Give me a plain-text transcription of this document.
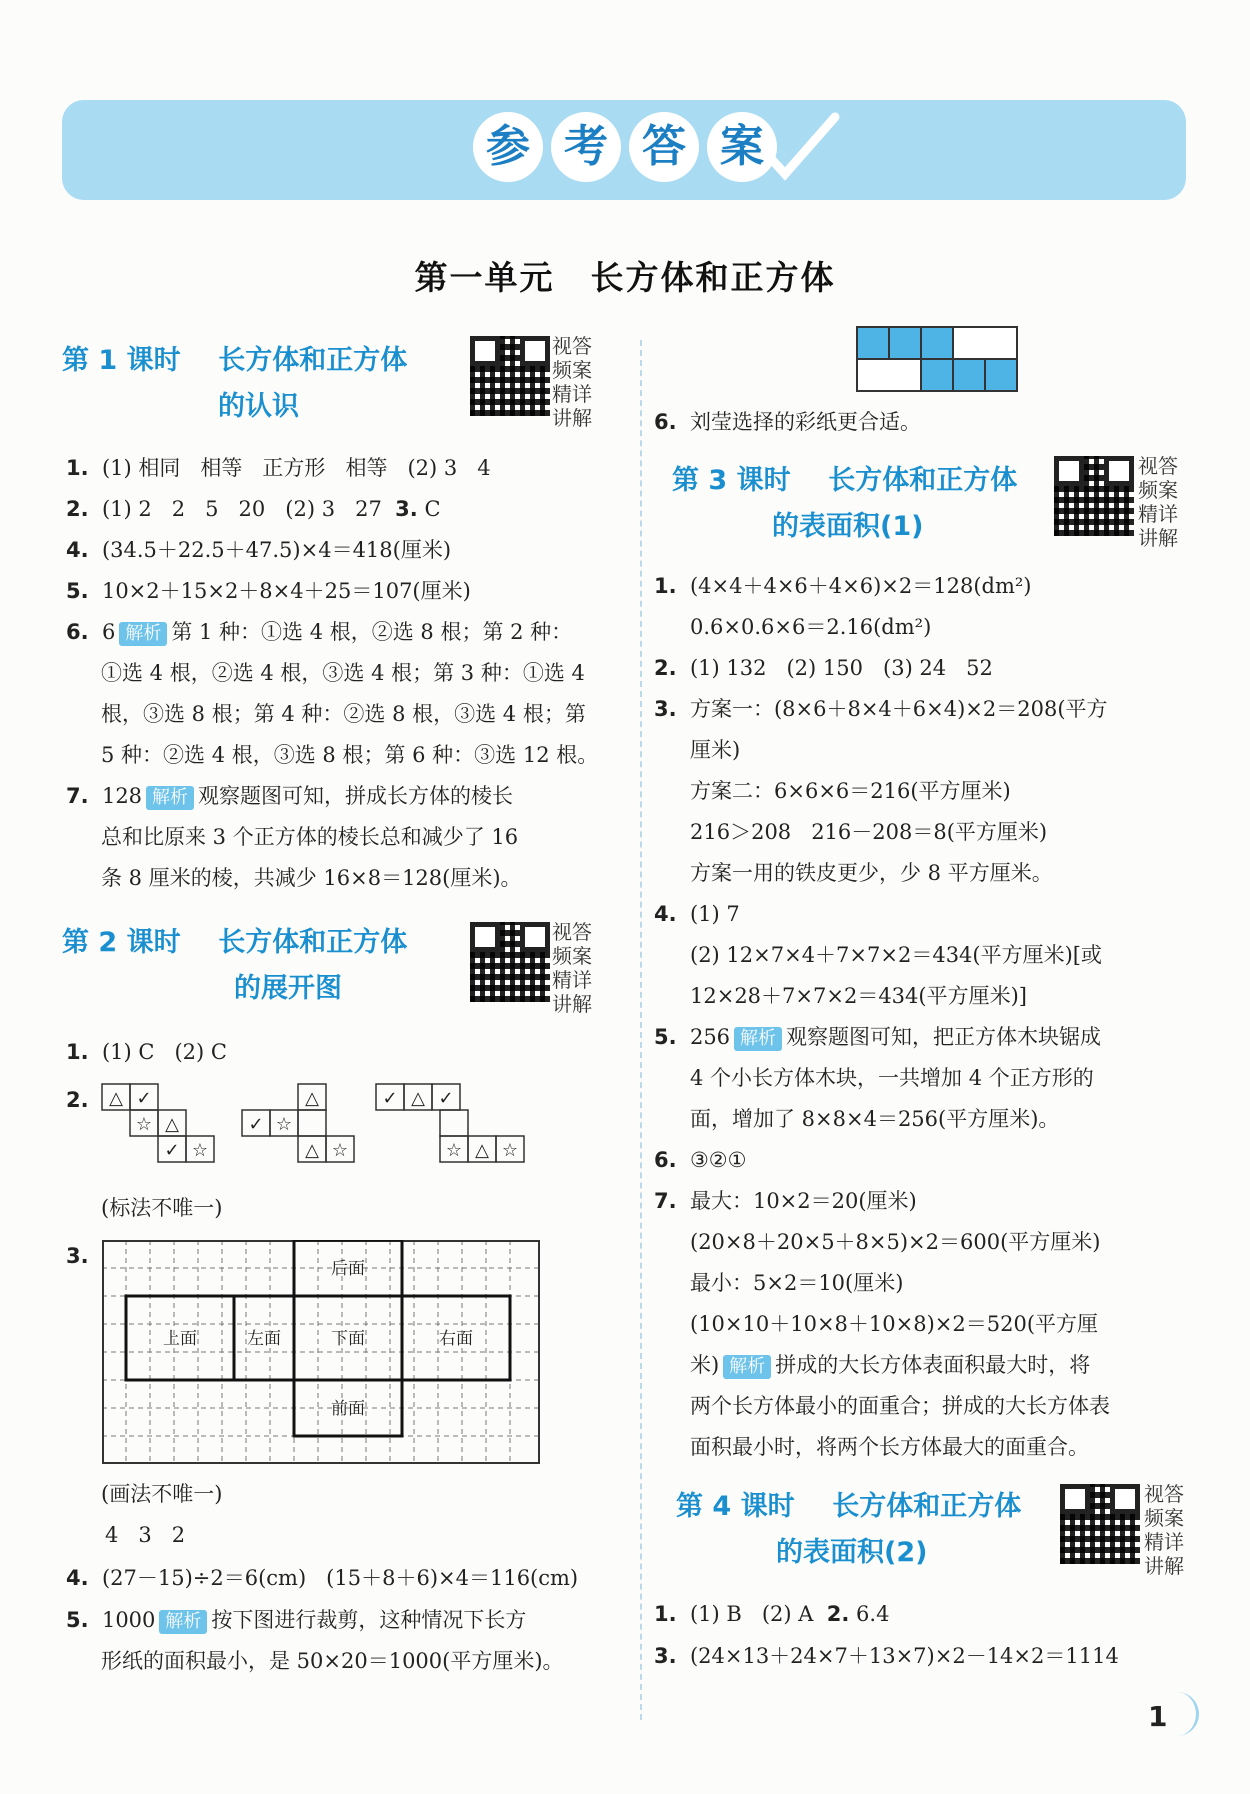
参 考 答 案
第一单元 长方体和正方体
第 1 课时 长方体和正方体
的认识
视答频案精详讲解
1. (1) 相同   相等   正方形   相等   (2) 3   4
2. (1) 2   2   5   20   (2) 3   27  3. C
4. (34.5＋22.5＋47.5)×4＝418(厘米)
5. 10×2＋15×2＋8×4＋25＝107(厘米)
6. 6 解析 第 1 种：①选 4 根，②选 8 根；第 2 种：
①选 4 根，②选 4 根，③选 4 根；第 3 种：①选 4
根，③选 8 根；第 4 种：②选 8 根，③选 4 根；第
5 种：②选 4 根，③选 8 根；第 6 种：③选 12 根。
7. 128 解析 观察题图可知，拼成长方体的棱长
总和比原来 3 个正方体的棱长总和减少了 16
条 8 厘米的棱，共减少 16×8＝128(厘米)。
第 2 课时 长方体和正方体
的展开图
视答频案精详讲解
1. (1) C   (2) C
2. △ ✓
☆ △
✓ ☆
✓ ☆
△
△ ☆
✓ △ ✓
☆ △ ☆
(标法不唯一)
3.
后面
上面	左面	下面	右面
前面
(画法不唯一)
4   3   2
4. (27－15)÷2＝6(cm)   (15＋8＋6)×4＝116(cm)
5. 1000 解析 按下图进行裁剪，这种情况下长方
形纸的面积最小，是 50×20＝1000(平方厘米)。
6. 刘莹选择的彩纸更合适。
第 3 课时 长方体和正方体
的表面积(1)
视答频案精详讲解
1. (4×4＋4×6＋4×6)×2＝128(dm²)
0.6×0.6×6＝2.16(dm²)
2. (1) 132   (2) 150   (3) 24   52
3. 方案一：(8×6＋8×4＋6×4)×2＝208(平方
厘米)
方案二：6×6×6＝216(平方厘米)
216＞208   216－208＝8(平方厘米)
方案一用的铁皮更少，少 8 平方厘米。
4. (1) 7
(2) 12×7×4＋7×7×2＝434(平方厘米)[或
12×28＋7×7×2＝434(平方厘米)]
5. 256 解析 观察题图可知，把正方体木块锯成
4 个小长方体木块，一共增加 4 个正方形的
面，增加了 8×8×4＝256(平方厘米)。
6. ③②①
7. 最大：10×2＝20(厘米)
(20×8＋20×5＋8×5)×2＝600(平方厘米)
最小：5×2＝10(厘米)
(10×10＋10×8＋10×8)×2＝520(平方厘
米) 解析 拼成的大长方体表面积最大时，将
两个长方体最小的面重合；拼成的大长方体表
面积最小时，将两个长方体最大的面重合。
第 4 课时 长方体和正方体
的表面积(2)
视答频案精详讲解
1. (1) B   (2) A  2. 6.4
3. (24×13＋24×7＋13×7)×2－14×2＝1114
1
